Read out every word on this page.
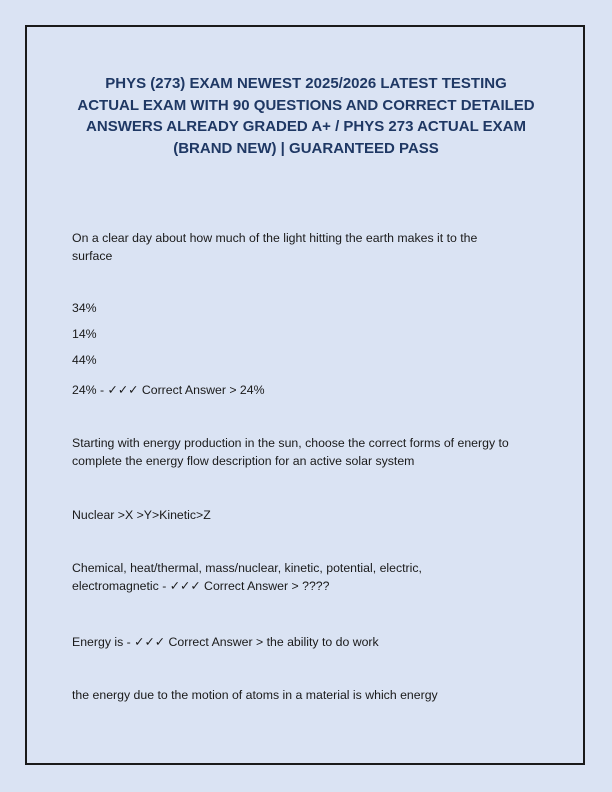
PHYS (273) EXAM NEWEST 2025/2026 LATEST TESTING
ACTUAL EXAM WITH 90 QUESTIONS AND CORRECT DETAILED
ANSWERS ALREADY GRADED A+ / PHYS 273 ACTUAL EXAM
(BRAND NEW) | GUARANTEED PASS

On a clear day about how much of the light hitting the earth makes it to the
surface

34%

14%

44%

24% - ✓✓✓ Correct Answer > 24%

Starting with energy production in the sun, choose the correct forms of energy to
complete the energy flow description for an active solar system

Nuclear >X >Y>Kinetic>Z

Chemical, heat/thermal, mass/nuclear, kinetic, potential, electric,
electromagnetic - ✓✓✓ Correct Answer > ????

Energy is - ✓✓✓ Correct Answer > the ability to do work

the energy due to the motion of atoms in a material is which energy
